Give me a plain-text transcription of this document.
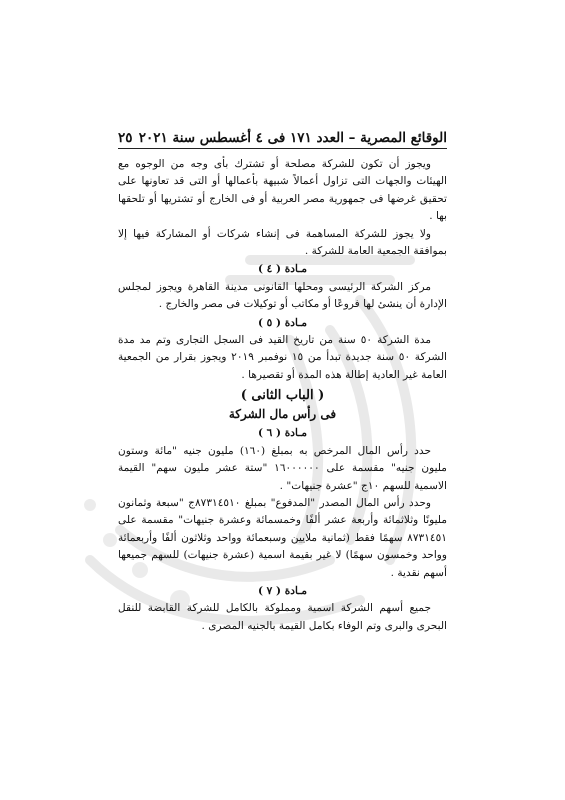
الوقائع المصرية – العدد ١٧١ فى ٤ أغسطس سنة ٢٠٢١
٢٥

ويجوز أن تكون للشركة مصلحة أو تشترك بأى وجه من الوجوه مع الهيئات والجهات التى تزاول أعمالاً شبيهة بأعمالها أو التى قد تعاونها على تحقيق غرضها فى جمهورية مصر العربية أو فى الخارج أو تشتريها أو تلحقها بها .

ولا يجوز للشركة المساهمة فى إنشاء شركات أو المشاركة فيها إلا بموافقة الجمعية العامة للشركة .

مـادة ( ٤ )

مركز الشركة الرئيسى ومحلها القانونى مدينة القاهرة ويجوز لمجلس الإدارة أن ينشئ لها فروعًا أو مكاتب أو توكيلات فى مصر والخارج .

مـادة ( ٥ )

مدة الشركة ٥٠ سنة من تاريخ القيد فى السجل التجارى وتم مد مدة الشركة ٥٠ سنة جديدة تبدأ من ١٥ نوفمبر ٢٠١٩ ويجوز بقرار من الجمعية العامة غير العادية إطالة هذه المدة أو تقصيرها .

( الباب الثانى )
فى رأس مال الشركة
مـادة ( ٦ )

حدد رأس المال المرخص به بمبلغ (١٦٠) مليون جنيه "مائة وستون مليون جنيه" مقسمة على ١٦٠٠٠٠٠٠ "ستة عشر مليون سهم" القيمة الاسمية للسهم ١٠ج "عشرة جنيهات" .

وحدد رأس المال المصدر "المدفوع" بمبلغ ٨٧٣١٤٥١٠ج "سبعة وثمانون مليونًا وثلاثمائة وأربعة عشر ألفًا وخمسمائة وعشرة جنيهات" مقسمة على ٨٧٣١٤٥١ سهمًا فقط (ثمانية ملايين وسبعمائة وواحد وثلاثون ألفًا وأربعمائة وواحد وخمسون سهمًا) لا غير بقيمة اسمية (عشرة جنيهات) للسهم جميعها أسهم نقدية .

مـادة ( ٧ )

جميع أسهم الشركة اسمية ومملوكة بالكامل للشركة القابضة للنقل البحرى والبرى وتم الوفاء بكامل القيمة بالجنيه المصرى .
